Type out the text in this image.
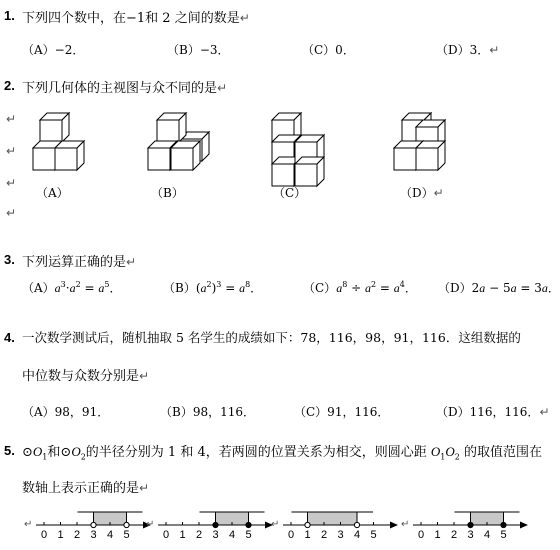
1. 下列四个数中，在−1和 2 之间的数是↵
（A）−2．	（B）−3．	（C）0．	（D）3．↵
2. 下列几何体的主视图与众不同的是↵
↵
↵
↵
↵
（A）	（B）	（C）	（D）↵
3. 下列运算正确的是↵
$(A)a^3\cdot a^2 = a^5$．	$(B)(a^2)^3 = a^8$．	$(C)a^8 \div a^2 = a^4$． （D）2a − 5a = 3a．
4. 一次数学测试后，随机抽取 5 名学生的成绩如下：78，116，98，91，116．这组数据的
中位数与众数分别是↵
（A）98，91．	（B）98，116．	（C）91，116．	（D）116，116．↵
5. $⊙O_1$和$⊙O_2$的半径分别为 1 和 4，若两圆的位置关系为相交，则圆心距 $O_1O_2$ 的取值范围在
数轴上表示正确的是↵
↵
0 1 2 3 4 5
↵
0 1 2 3 4 5
↵
0 1 2 3 4 5
↵
0 1 2 3 4 5
